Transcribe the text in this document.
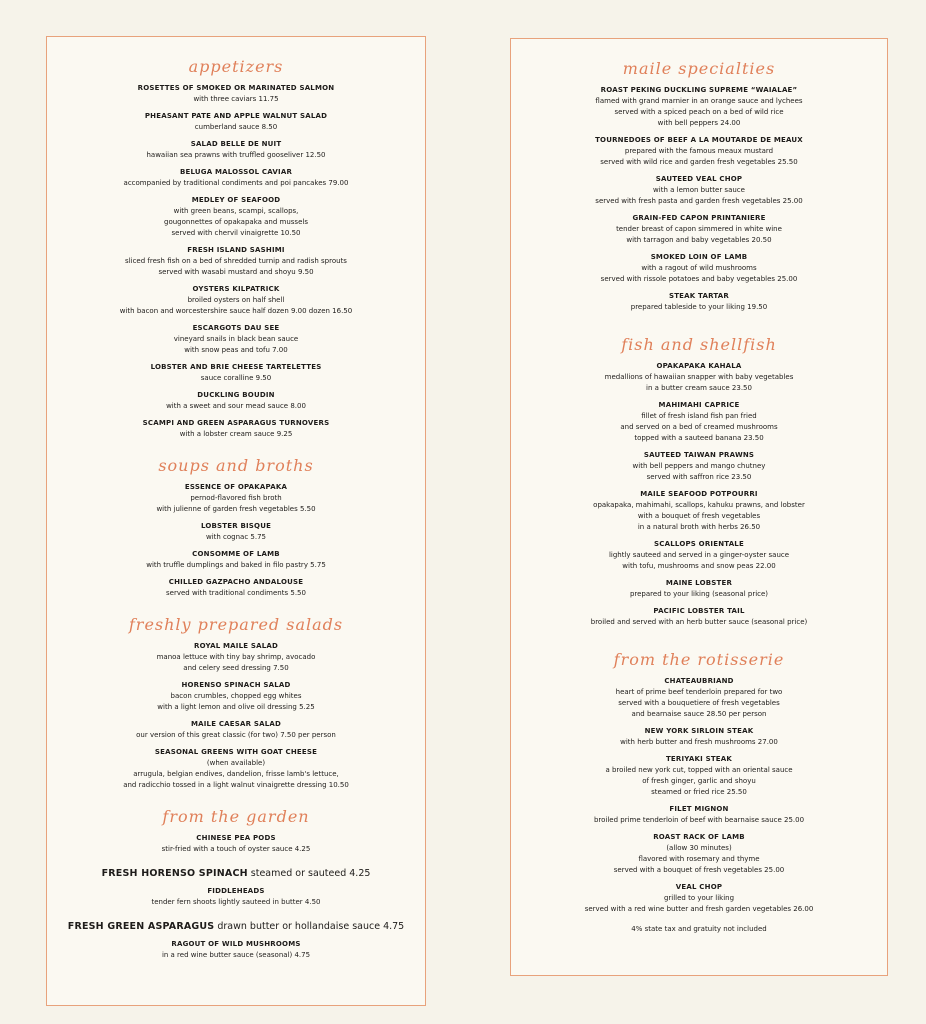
appetizers
ROSETTES OF SMOKED OR MARINATED SALMON
with three caviars 11.75
PHEASANT PATE AND APPLE WALNUT SALAD
cumberland sauce 8.50
SALAD BELLE DE NUIT
hawaiian sea prawns with truffled gooseliver 12.50
BELUGA MALOSSOL CAVIAR
accompanied by traditional condiments and poi pancakes 79.00
MEDLEY OF SEAFOOD
with green beans, scampi, scallops,
gougonnettes of opakapaka and mussels
served with chervil vinaigrette 10.50
FRESH ISLAND SASHIMI
sliced fresh fish on a bed of shredded turnip and radish sprouts
served with wasabi mustard and shoyu 9.50
OYSTERS KILPATRICK
broiled oysters on half shell
with bacon and worcestershire sauce half dozen 9.00 dozen 16.50
ESCARGOTS DAU SEE
vineyard snails in black bean sauce
with snow peas and tofu 7.00
LOBSTER AND BRIE CHEESE TARTELETTES
sauce coralline 9.50
DUCKLING BOUDIN
with a sweet and sour mead sauce 8.00
SCAMPI AND GREEN ASPARAGUS TURNOVERS
with a lobster cream sauce 9.25
soups and broths
ESSENCE OF OPAKAPAKA
pernod-flavored fish broth
with julienne of garden fresh vegetables 5.50
LOBSTER BISQUE
with cognac 5.75
CONSOMME OF LAMB
with truffle dumplings and baked in filo pastry 5.75
CHILLED GAZPACHO ANDALOUSE
served with traditional condiments 5.50
freshly prepared salads
ROYAL MAILE SALAD
manoa lettuce with tiny bay shrimp, avocado
and celery seed dressing 7.50
HORENSO SPINACH SALAD
bacon crumbles, chopped egg whites
with a light lemon and olive oil dressing 5.25
MAILE CAESAR SALAD
our version of this great classic (for two) 7.50 per person
SEASONAL GREENS WITH GOAT CHEESE
(when available)
arrugula, belgian endives, dandelion, frisse lamb's lettuce,
and radicchio tossed in a light walnut vinaigrette dressing 10.50
from the garden
CHINESE PEA PODS
stir-fried with a touch of oyster sauce 4.25
FRESH HORENSO SPINACH steamed or sauteed 4.25
FIDDLEHEADS
tender fern shoots lightly sauteed in butter 4.50
FRESH GREEN ASPARAGUS drawn butter or hollandaise sauce 4.75
RAGOUT OF WILD MUSHROOMS
in a red wine butter sauce (seasonal) 4.75
maile specialties
ROAST PEKING DUCKLING SUPREME “WAIALAE”
flamed with grand marnier in an orange sauce and lychees
served with a spiced peach on a bed of wild rice
with bell peppers 24.00
TOURNEDOES OF BEEF A LA MOUTARDE DE MEAUX
prepared with the famous meaux mustard
served with wild rice and garden fresh vegetables 25.50
SAUTEED VEAL CHOP
with a lemon butter sauce
served with fresh pasta and garden fresh vegetables 25.00
GRAIN-FED CAPON PRINTANIERE
tender breast of capon simmered in white wine
with tarragon and baby vegetables 20.50
SMOKED LOIN OF LAMB
with a ragout of wild mushrooms
served with rissole potatoes and baby vegetables 25.00
STEAK TARTAR
prepared tableside to your liking 19.50
fish and shellfish
OPAKAPAKA KAHALA
medallions of hawaiian snapper with baby vegetables
in a butter cream sauce 23.50
MAHIMAHI CAPRICE
fillet of fresh island fish pan fried
and served on a bed of creamed mushrooms
topped with a sauteed banana 23.50
SAUTEED TAIWAN PRAWNS
with bell peppers and mango chutney
served with saffron rice 23.50
MAILE SEAFOOD POTPOURRI
opakapaka, mahimahi, scallops, kahuku prawns, and lobster
with a bouquet of fresh vegetables
in a natural broth with herbs 26.50
SCALLOPS ORIENTALE
lightly sauteed and served in a ginger-oyster sauce
with tofu, mushrooms and snow peas 22.00
MAINE LOBSTER
prepared to your liking (seasonal price)
PACIFIC LOBSTER TAIL
broiled and served with an herb butter sauce (seasonal price)
from the rotisserie
CHATEAUBRIAND
heart of prime beef tenderloin prepared for two
served with a bouquetiere of fresh vegetables
and bearnaise sauce 28.50 per person
NEW YORK SIRLOIN STEAK
with herb butter and fresh mushrooms 27.00
TERIYAKI STEAK
a broiled new york cut, topped with an oriental sauce
of fresh ginger, garlic and shoyu
steamed or fried rice 25.50
FILET MIGNON
broiled prime tenderloin of beef with bearnaise sauce 25.00
ROAST RACK OF LAMB
(allow 30 minutes)
flavored with rosemary and thyme
served with a bouquet of fresh vegetables 25.00
VEAL CHOP
grilled to your liking
served with a red wine butter and fresh garden vegetables 26.00
4% state tax and gratuity not included
